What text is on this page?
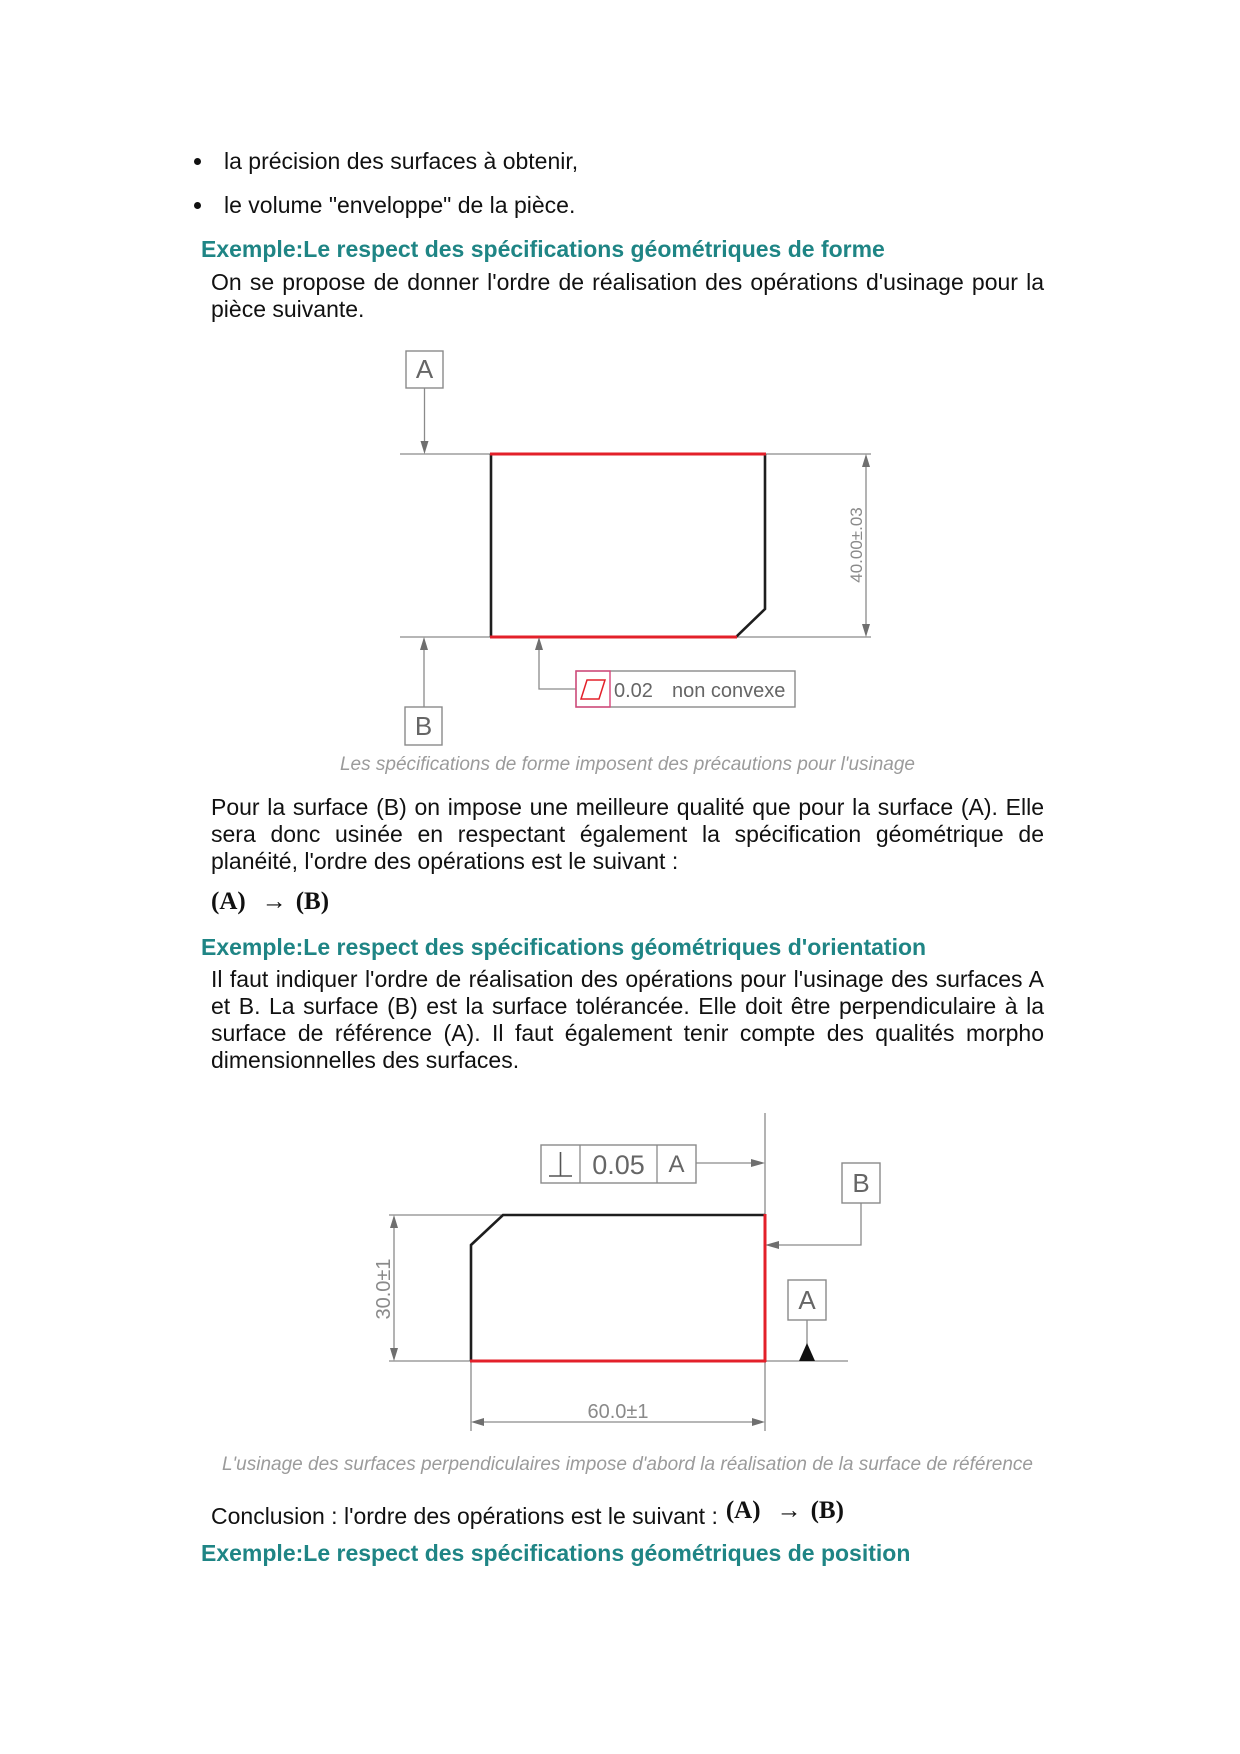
la précision des surfaces à obtenir,
le volume "enveloppe" de la pièce.
Exemple:Le respect des spécifications géométriques de forme
On se propose de donner l'ordre de réalisation des opérations d'usinage pour la pièce suivante.
A
40.00±.03
B
0.02 non convexe
Les spécifications de forme imposent des précautions pour l'usinage
Pour la surface (B) on impose une meilleure qualité que pour la surface (A). Elle sera donc usinée en respectant également la spécification géométrique de planéité, l'ordre des opérations est le suivant :
(A) → (B)
Exemple:Le respect des spécifications géométriques d'orientation
Il faut indiquer l'ordre de réalisation des opérations pour l'usinage des surfaces A et B. La surface (B) est la surface tolérancée. Elle doit être perpendiculaire à la surface de référence (A). Il faut également tenir compte des qualités morpho dimensionnelles des surfaces.
0.05 A
B
30.0±1
60.0±1
A
L'usinage des surfaces perpendiculaires impose d'abord la réalisation de la surface de référence
Conclusion : l'ordre des opérations est le suivant : (A) → (B)
Exemple:Le respect des spécifications géométriques de position
